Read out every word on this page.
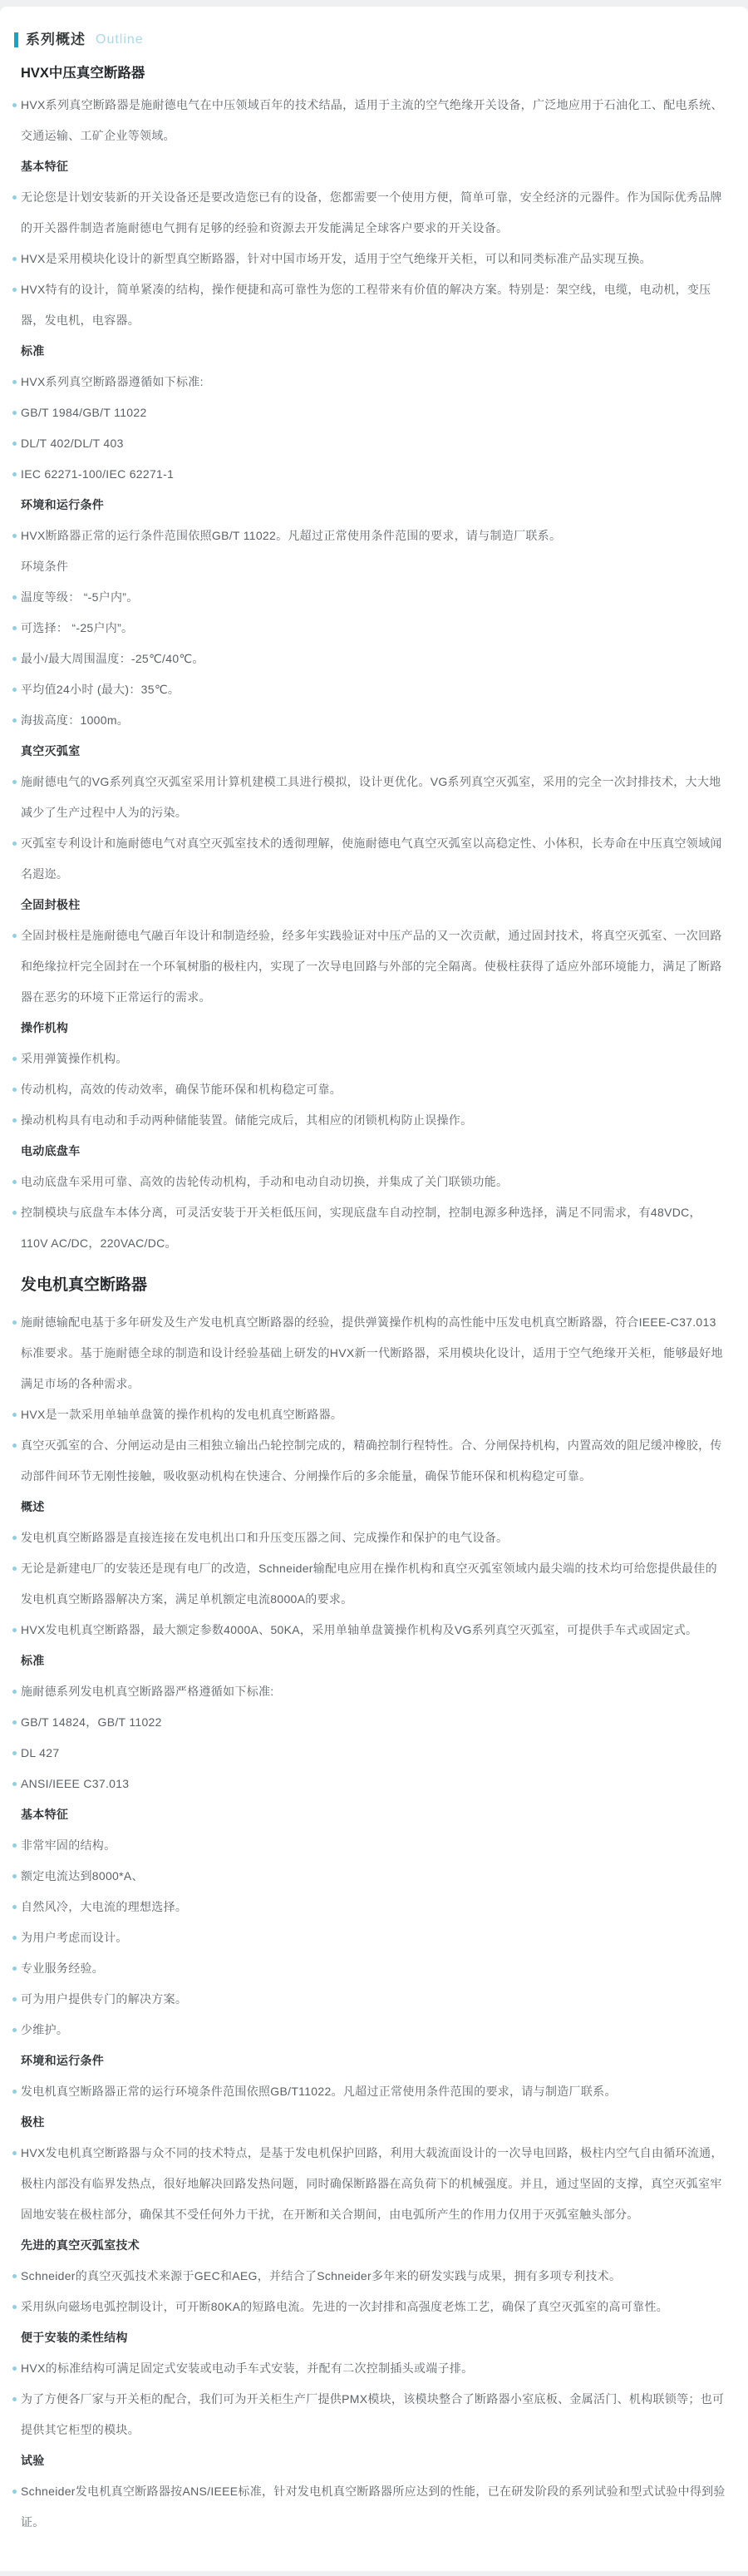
系列概述 Outline
HVX中压真空断路器
HVX系列真空断路器是施耐德电气在中压领域百年的技术结晶，适用于主流的空气绝缘开关设备，广泛地应用于石油化工、配电系统、交通运输、工矿企业等领域。
基本特征
无论您是计划安装新的开关设备还是要改造您已有的设备，您都需要一个使用方便，简单可靠，安全经济的元器件。作为国际优秀品牌的开关器件制造者施耐德电气拥有足够的经验和资源去开发能满足全球客户要求的开关设备。
HVX是采用模块化设计的新型真空断路器，针对中国市场开发，适用于空气绝缘开关柜，可以和同类标准产品实现互换。
HVX特有的设计，简单紧凑的结构，操作便捷和高可靠性为您的工程带来有价值的解决方案。特别是：架空线，电缆，电动机，变压器，发电机，电容器。
标准
HVX系列真空断路器遵循如下标准:
GB/T 1984/GB/T 11022
DL/T 402/DL/T 403
IEC 62271-100/IEC 62271-1
环境和运行条件
HVX断路器正常的运行条件范围依照GB/T 11022。凡超过正常使用条件范围的要求，请与制造厂联系。
环境条件
温度等级： “-5户内”。
可选择： “-25户内”。
最小/最大周围温度：-25℃/40℃。
平均值24小时 (最大)：35℃。
海拔高度：1000m。
真空灭弧室
施耐德电气的VG系列真空灭弧室采用计算机建模工具进行模拟，设计更优化。VG系列真空灭弧室，采用的完全一次封排技术，大大地减少了生产过程中人为的污染。
灭弧室专利设计和施耐德电气对真空灭弧室技术的透彻理解，使施耐德电气真空灭弧室以高稳定性、小体积，长寿命在中压真空领域闻名遐迩。
全固封极柱
全固封极柱是施耐德电气融百年设计和制造经验，经多年实践验证对中压产品的又一次贡献，通过固封技术，将真空灭弧室、一次回路和绝缘拉杆完全固封在一个环氧树脂的极柱内，实现了一次导电回路与外部的完全隔离。使极柱获得了适应外部环境能力，满足了断路器在恶劣的环境下正常运行的需求。
操作机构
采用弹簧操作机构。
传动机构，高效的传动效率，确保节能环保和机构稳定可靠。
操动机构具有电动和手动两种储能装置。储能完成后，其相应的闭锁机构防止误操作。
电动底盘车
电动底盘车采用可靠、高效的齿轮传动机构，手动和电动自动切换，并集成了关门联锁功能。
控制模块与底盘车本体分离，可灵活安装于开关柜低压间，实现底盘车自动控制，控制电源多种选择，满足不同需求，有48VDC，110V AC/DC，220VAC/DC。
发电机真空断路器
施耐德输配电基于多年研发及生产发电机真空断路器的经验，提供弹簧操作机构的高性能中压发电机真空断路器，符合IEEE-C37.013 标准要求。基于施耐德全球的制造和设计经验基础上研发的HVX新一代断路器，采用模块化设计，适用于空气绝缘开关柜，能够最好地满足市场的各种需求。
HVX是一款采用单轴单盘簧的操作机构的发电机真空断路器。
真空灭弧室的合、分闸运动是由三相独立输出凸轮控制完成的，精确控制行程特性。合、分闸保持机构，内置高效的阻尼缓冲橡胶，传动部件间环节无刚性接触，吸收驱动机构在快速合、分闸操作后的多余能量，确保节能环保和机构稳定可靠。
概述
发电机真空断路器是直接连接在发电机出口和升压变压器之间、完成操作和保护的电气设备。
无论是新建电厂的安装还是现有电厂的改造，Schneider输配电应用在操作机构和真空灭弧室领域内最尖端的技术均可给您提供最佳的发电机真空断路器解决方案，满足单机额定电流8000A的要求。
HVX发电机真空断路器，最大额定参数4000A、50KA，采用单轴单盘簧操作机构及VG系列真空灭弧室，可提供手车式或固定式。
标准
施耐德系列发电机真空断路器严格遵循如下标准:
GB/T 14824，GB/T 11022
DL 427
ANSI/IEEE C37.013
基本特征
非常牢固的结构。
额定电流达到8000*A、
自然风冷，大电流的理想选择。
为用户考虑而设计。
专业服务经验。
可为用户提供专门的解决方案。
少维护。
环境和运行条件
发电机真空断路器正常的运行环境条件范围依照GB/T11022。凡超过正常使用条件范围的要求，请与制造厂联系。
极柱
HVX发电机真空断路器与众不同的技术特点，是基于发电机保护回路，利用大载流面设计的一次导电回路，极柱内空气自由循环流通，极柱内部没有临界发热点，很好地解决回路发热问题，同时确保断路器在高负荷下的机械强度。并且，通过坚固的支撑，真空灭弧室牢固地安装在极柱部分，确保其不受任何外力干扰，在开断和关合期间，由电弧所产生的作用力仅用于灭弧室触头部分。
先进的真空灭弧室技术
Schneider的真空灭弧技术来源于GEC和AEG，并结合了Schneider多年来的研发实践与成果，拥有多项专利技术。
采用纵向磁场电弧控制设计，可开断80KA的短路电流。先进的一次封排和高强度老炼工艺，确保了真空灭弧室的高可靠性。
便于安装的柔性结构
HVX的标准结构可满足固定式安装或电动手车式安装，并配有二次控制插头或端子排。
为了方便各厂家与开关柜的配合，我们可为开关柜生产厂提供PMX模块，该模块整合了断路器小室底板、金属活门、机构联锁等；也可提供其它柜型的模块。
试验
Schneider发电机真空断路器按ANS/IEEE标准，针对发电机真空断路器所应达到的性能，已在研发阶段的系列试验和型式试验中得到验证。
